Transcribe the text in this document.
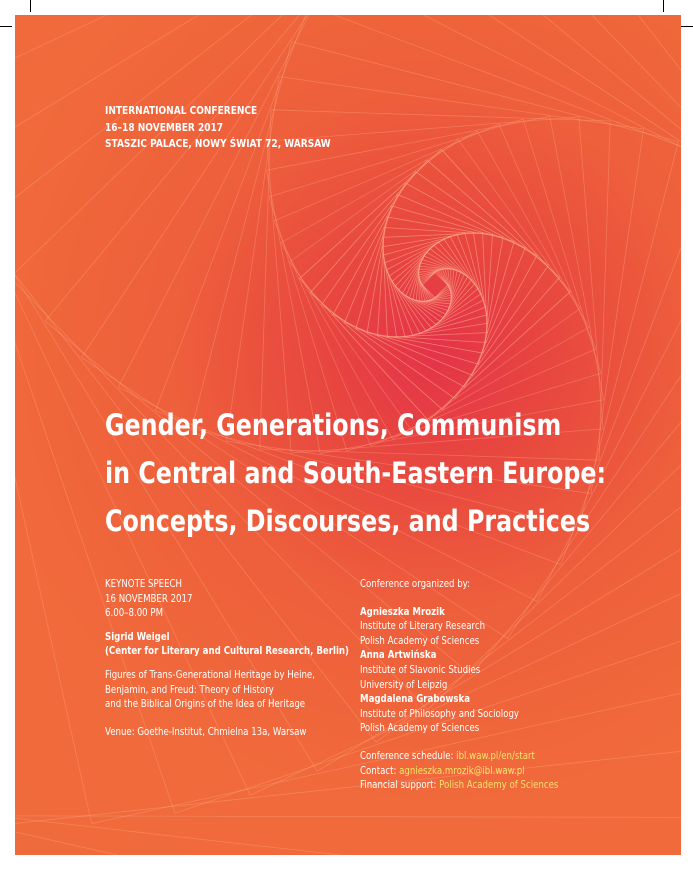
INTERNATIONAL CONFERENCE
16–18 NOVEMBER 2017
STASZIC PALACE, NOWY ŚWIAT 72, WARSAW
Gender, Generations, Communism
in Central and South-Eastern Europe:
Concepts, Discourses, and Practices
KEYNOTE SPEECH
16 NOVEMBER 2017
6.00–8.00 PM
Sigrid Weigel
(Center for Literary and Cultural Research, Berlin)
Figures of Trans-Generational Heritage by Heine,
Benjamin, and Freud: Theory of History
and the Biblical Origins of the Idea of Heritage
Venue: Goethe-Institut, Chmielna 13a, Warsaw
Conference organized by:
Agnieszka Mrozik
Institute of Literary Research
Polish Academy of Sciences
Anna Artwińska
Institute of Slavonic Studies
University of Leipzig
Magdalena Grabowska
Institute of Philosophy and Sociology
Polish Academy of Sciences
Conference schedule: ibl.waw.pl/en/start
Contact: agnieszka.mrozik@ibl.waw.pl
Financial support: Polish Academy of Sciences
